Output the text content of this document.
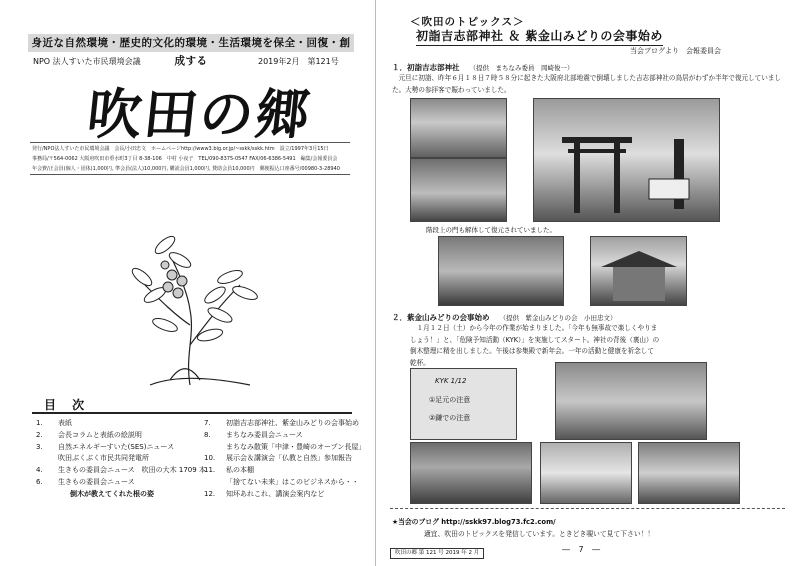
身近な自然環境・歴史的文化的環境・生活環境を保全・回復・創成する
NPO 法人すいた市民環境会議	2019年2月　第121号
吹田の郷
発行/NPO法人すいた市民環境会議　会長/小田忠文　ホームページhttp://www3.big.or.jp/~sskk/sskk.htm　設立/1997年3月15日
事務局/〒564-0062 大阪府吹田市垂水町3丁目 8-38-106　中村 小夜子　TEL/090-8375-0547 FAX/06-6386-5491　編集/会報委員会
年会費/正会員(個人・団体)1,000円, 準会員(法人)10,000円, 購読会員1,000円, 賛助会員10,000円　郵便振込口座番号/00980-3-28940
目 次
1. 表紙
2. 会長コラムと表紙の絵説明
3. 自然エネルギーすいた(SES)ニュース
吹田ぶくぶく市民共同発電所
4. 生きもの委員会ニュース　吹田の大木 1709 本
6. 生きもの委員会ニュース
倒木が教えてくれた根の姿
7. 初詣吉志部神社、紫金山みどりの会事始め
8. まちなみ委員会ニュース
まちなみ散策「中津・豊崎のオープン長屋」
10. 展示会＆講演会「仏教と自然」参加報告
11. 私の本棚
「捨てない未来」はこのビジネスから・・
12. 知坏あれこれ、講演会案内など
＜吹田のトピックス＞
初詣吉志部神社 ＆ 紫金山みどりの会事始め
当会ブログより　会報委員会
１．初詣吉志部神社 （提供　まちなみ委員　岡崎俊一）
　元旦に初詣、昨年６月１８日７時５８分に起きた大阪府北部地震で倒壊しました吉志部神社の鳥居がわずか半年で復元していました。大勢の参拝客で賑わっていました。
階段上の門も解体して復元されていました。
２．紫金山みどりの会事始め （提供　紫金山みどりの会　小田忠文）
　１月１２日（土）から今年の作業が始まりました。「今年も無事故で楽しくやりましょう！」と、「危険予知活動（KYK）」を実施してスタート。神社の背後（裏山）の倒木整理に精を出しました。午後は参集殿で新年会。一年の活動と健康を祈念して乾杯。
KYK 1/12
①足元の注意
②鎌での注意
★当会のブログ http://sskk97.blog73.fc2.com/
適宜、吹田のトピックスを発信しています。ときどき覗いて見て下さい！！
吹田の郷 第 121 号 2019 年 2 月	― 7 ―
